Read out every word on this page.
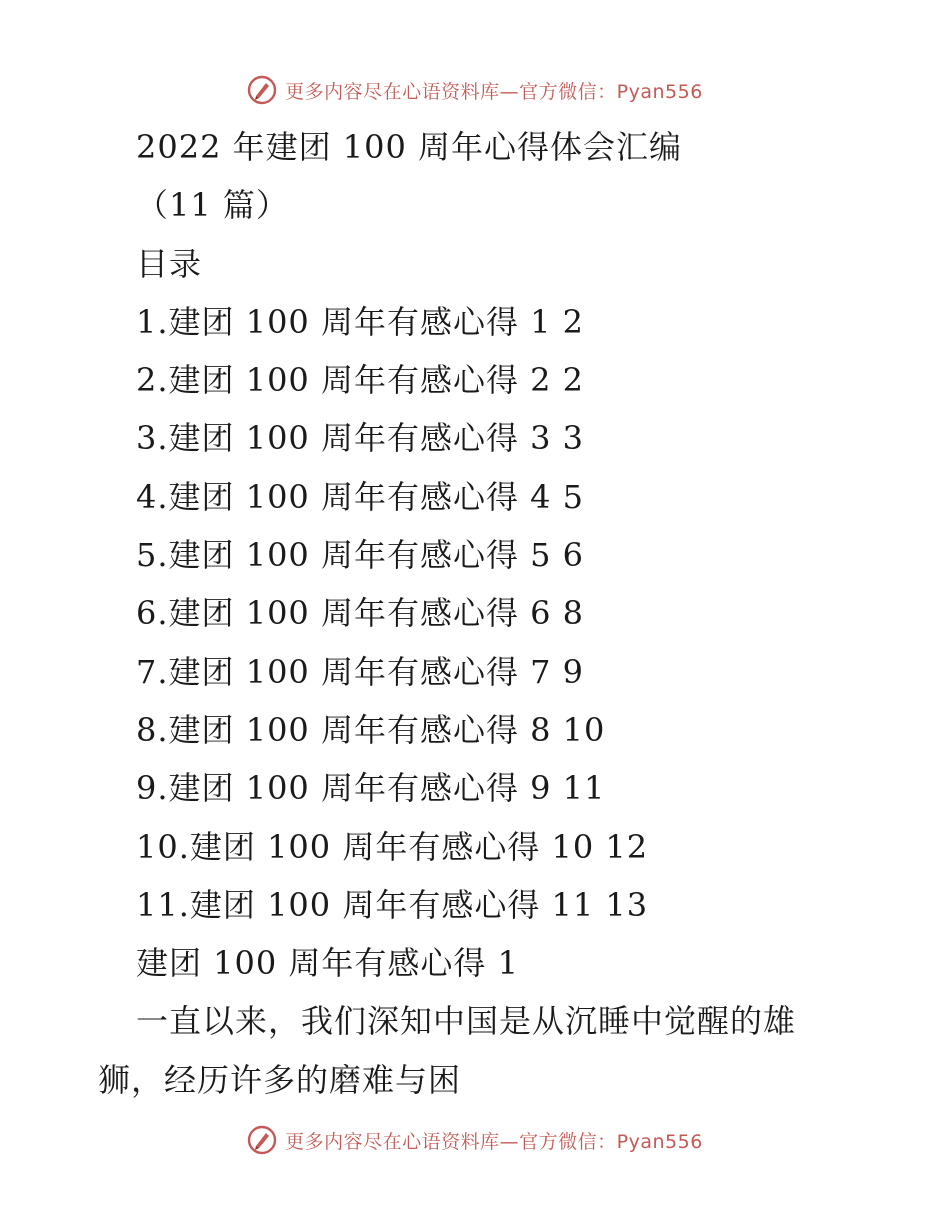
更多内容尽在心语资料库—官方微信：Pyan556
2022 年建团 100 周年心得体会汇编
（11 篇）
目录
1.建团 100 周年有感心得 1 2
2.建团 100 周年有感心得 2 2
3.建团 100 周年有感心得 3 3
4.建团 100 周年有感心得 4 5
5.建团 100 周年有感心得 5 6
6.建团 100 周年有感心得 6 8
7.建团 100 周年有感心得 7 9
8.建团 100 周年有感心得 8 10
9.建团 100 周年有感心得 9 11
10.建团 100 周年有感心得 10 12
11.建团 100 周年有感心得 11 13
建团 100 周年有感心得 1

一直以来，我们深知中国是从沉睡中觉醒的雄狮，经历许多的磨难与困

更多内容尽在心语资料库—官方微信：Pyan556
